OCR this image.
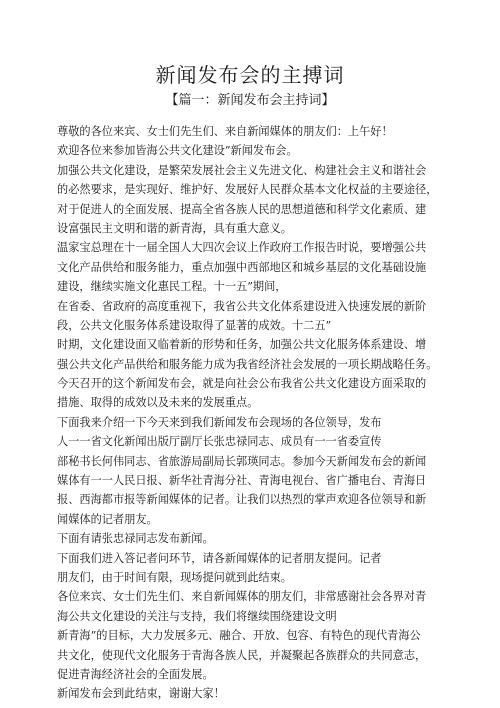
新闻发布会的主搏词
【篇一：新闻发布会主持词】
尊敬的各位来宾、女士们先生们、来自新闻媒体的朋友们：上午好！
欢迎各位来参加皆海公共文化建设”新闻发布会。
加强公共文化建设，是繁荣发展社会主义先进文化、构建社会主义和谐社会
的必然要求，是实现好、维护好、发展好人民群众基本文化权益的主要途径，
对于促进人的全面发展、提高全省各族人民的思想道德和科学文化素质、建
设富强民主文明和谐的新青海，具有重大意义。
温家宝总理在十一届全国人大四次会议上作政府工作报告时说，要增强公共
文化产品供给和服务能力，重点加强中西部地区和城乡基层的文化基础设施
建设，继续实施文化惠民工程。十一五”期间，
在省委、省政府的高度重视下，我省公共文化体系建设进入快速发展的新阶
段，公共文化服务体系建设取得了显著的成效。十二五”
时期，文化建设面又临着新的形势和任务，加强公共文化服务体系建设、增
强公共文化产品供给和服务能力成为我省经济社会发展的一项长期战略任务。
今天召开的这个新闻发布会，就是向社会公布我省公共文化建设方面采取的
措施、取得的成效以及未来的发展重点。
下面我来介绍一下今天来到我们新闻发布会现场的各位领导，发布
人一一省文化新闻出版厅副厅长张忠禄同志、成员有一一省委宣传
部秘书长何伟同志、省旅游局副局长郭瑛同志。参加今天新闻发布会的新闻
媒体有一一人民日报、新华社青海分社、青海电视台、省广播电台、青海日
报、西海都市报等新闻媒体的记者。让我们以热烈的掌声欢迎各位领导和新
闻媒体的记者朋友。
下面有请张忠禄同志发布新闻。
下面我们进入答记者问环节，请各新闻媒体的记者朋友提问。记者
朋友们，由于时间有限，现场提问就到此结束。
各位来宾、女士们先生们、来自新闻媒体的朋友们，非常感谢社会各界对青
海公共文化建设的关注与支持，我们将继续围绕建设文明
新青海”的目标，大力发展多元、融合、开放、包容、有特色的现代青海公
共文化，使现代文化服务于青海各族人民，并凝聚起各族群众的共同意志，
促进青海经济社会的全面发展。
新闻发布会到此结束，谢谢大家！
